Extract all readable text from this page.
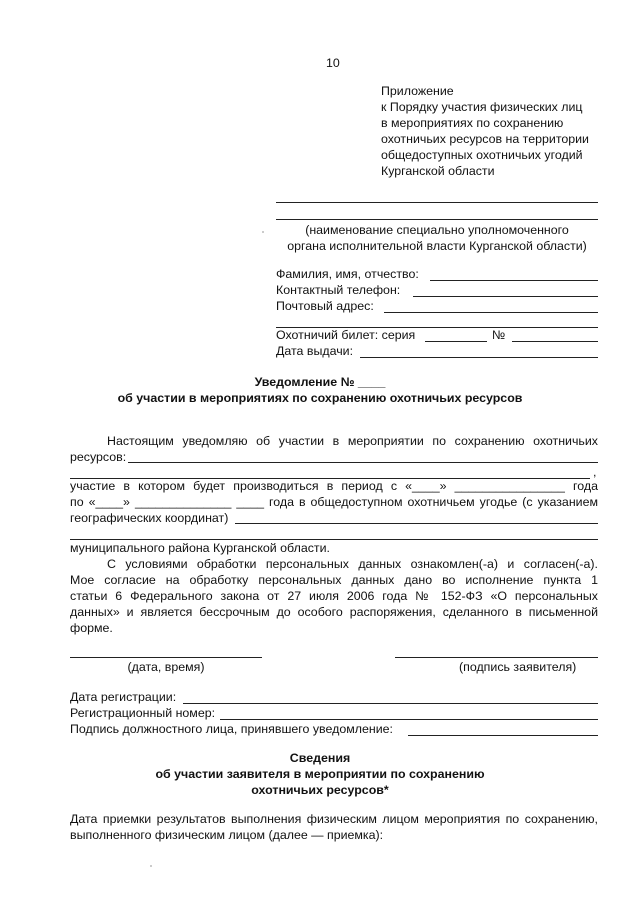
10
Приложение
к Порядку участия физических лиц
в мероприятиях по сохранению
охотничьих ресурсов на территории
общедоступных охотничьих угодий
Курганской области
(наименование специально уполномоченного
органа исполнительной власти Курганской области)
Фамилия, имя, отчество:
Контактный телефон:
Почтовый адрес:
Охотничий билет: серия	№
Дата выдачи:
Уведомление № ____
об участии в мероприятиях по сохранению охотничьих ресурсов
Настоящим уведомляю об участии в мероприятии по сохранению охотничьих
ресурсов:
,
участие в котором будет производиться в период с «____» ________________ года
по «____» ______________ ____ года в общедоступном охотничьем угодье (с указанием
географических координат)
муниципального района Курганской области.
С условиями обработки персональных данных ознакомлен(-а) и согласен(-а).
Мое согласие на обработку персональных данных дано во исполнение пункта 1
статьи 6 Федерального закона от 27 июля 2006 года № 152-ФЗ «О персональных
данных» и является бессрочным до особого распоряжения, сделанного в письменной
форме.
(дата, время)	(подпись заявителя)
Дата регистрации:
Регистрационный номер:
Подпись должностного лица, принявшего уведомление:
Сведения
об участии заявителя в мероприятии по сохранению
охотничьих ресурсов*
Дата приемки результатов выполнения физическим лицом мероприятия по сохранению,
выполненного физическим лицом (далее — приемка):
